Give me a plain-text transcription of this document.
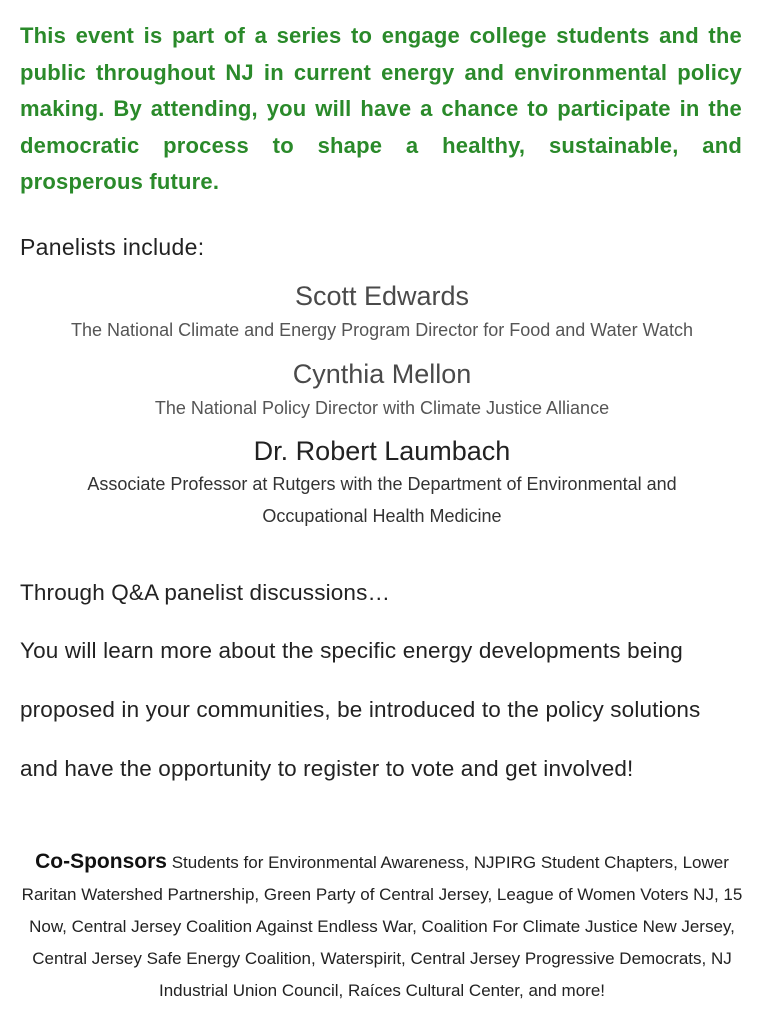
This event is part of a series to engage college students and the public throughout NJ in current energy and environmental policy making. By attending, you will have a chance to participate in the democratic process to shape a healthy, sustainable, and prosperous future.
Panelists include:
Scott Edwards
The National Climate and Energy Program Director for Food and Water Watch
Cynthia Mellon
The National Policy Director with Climate Justice Alliance
Dr. Robert Laumbach
Associate Professor at Rutgers with the Department of Environmental and
Occupational Health Medicine
Through Q&A panelist discussions…
You will learn more about the specific energy developments being
proposed in your communities, be introduced to the policy solutions
and have the opportunity to register to vote and get involved!
Co-Sponsors Students for Environmental Awareness, NJPIRG Student Chapters, Lower Raritan Watershed Partnership, Green Party of Central Jersey, League of Women Voters NJ, 15 Now, Central Jersey Coalition Against Endless War, Coalition For Climate Justice New Jersey, Central Jersey Safe Energy Coalition, Waterspirit, Central Jersey Progressive Democrats, NJ Industrial Union Council, Raíces Cultural Center, and more!
